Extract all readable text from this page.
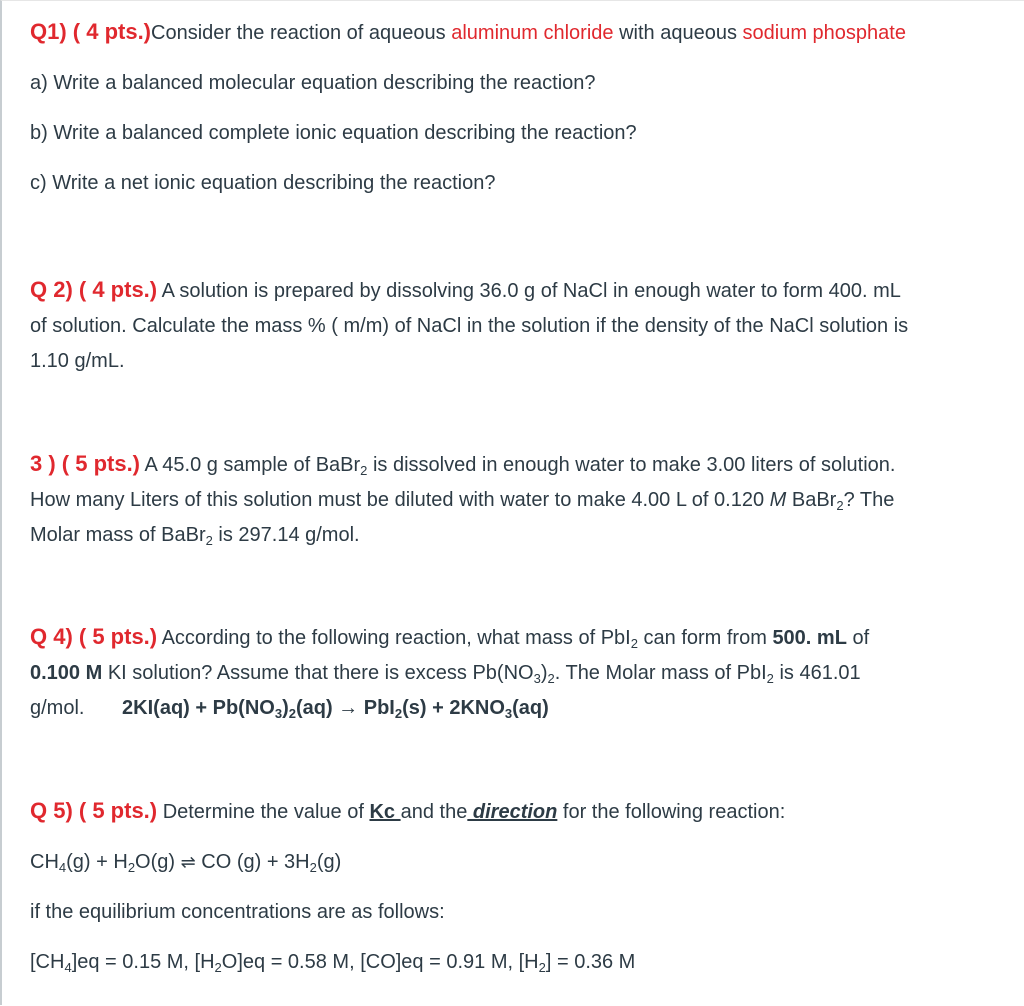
Q1) ( 4 pts.)Consider the reaction of aqueous aluminum chloride with aqueous sodium phosphate
a) Write a balanced molecular equation describing the reaction?
b) Write a balanced complete ionic equation describing the reaction?
c) Write a net ionic equation describing the reaction?
Q 2) ( 4 pts.) A solution is prepared by dissolving 36.0 g of NaCl in enough water to form 400. mL
of solution. Calculate the mass % ( m/m) of NaCl in the solution if the density of the NaCl solution is
1.10 g/mL.
3 ) ( 5 pts.) A 45.0 g sample of BaBr$_2$ is dissolved in enough water to make 3.00 liters of solution.
How many Liters of this solution must be diluted with water to make 4.00 L of 0.120 M BaBr$_2$? The
Molar mass of BaBr$_2$ is 297.14 g/mol.
Q 4) ( 5 pts.) According to the following reaction, what mass of PbI$_2$ can form from 500. mL of
0.100 M KI solution? Assume that there is excess $Pb(NO_3)_2$. The Molar mass of PbI$_2$ is 461.01
g/mol. $2KI(aq) + Pb(NO_3)_2(aq) \to PbI_2(s) + 2KNO_3(aq)$
Q 5) ( 5 pts.) Determine the value of Kc and the direction for the following reaction:
$CH_4(g) + H_2O(g)$ ⇌ CO $(g) + 3H_2(g)$
if the equilibrium concentrations are as follows:
$[CH_4]eq = 0.15$ M, $[H_2O]eq = 0.58$ M, [CO]eq = 0.91 M, $[H_2] = 0.36$ M
